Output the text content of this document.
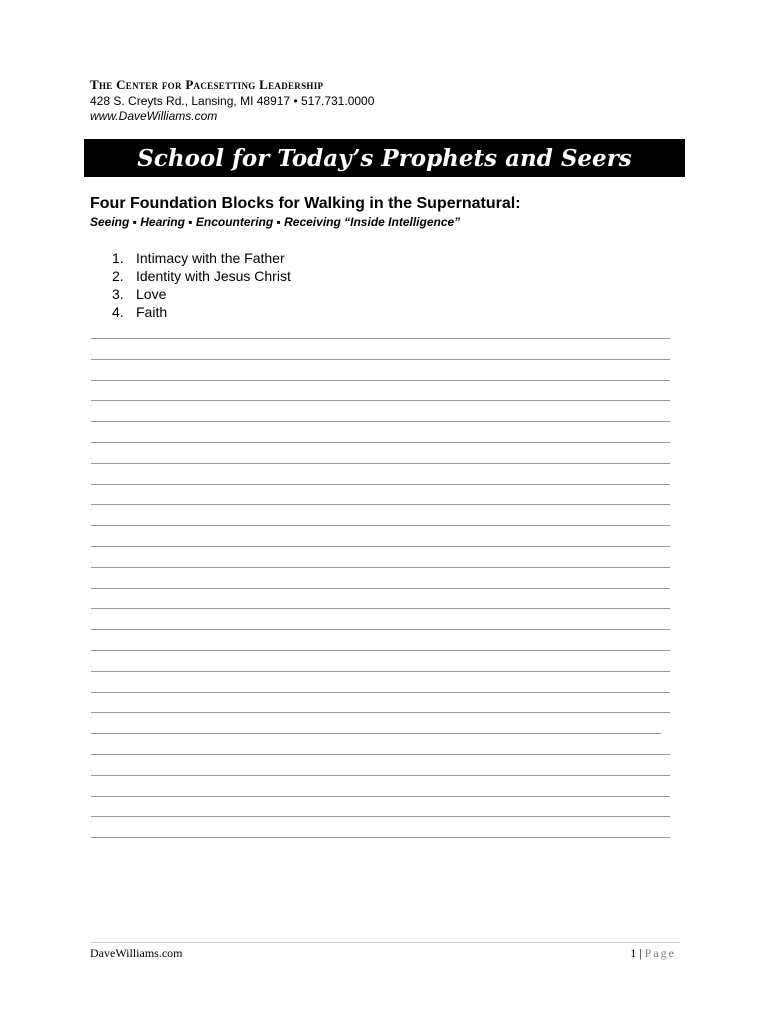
The Center for Pacesetting Leadership
428 S. Creyts Rd., Lansing, MI 48917 • 517.731.0000
www.DaveWilliams.com
School for Today’s Prophets and Seers
Four Foundation Blocks for Walking in the Supernatural:
Seeing ▪ Hearing ▪ Encountering ▪ Receiving “Inside Intelligence”
1. Intimacy with the Father
2. Identity with Jesus Christ
3. Love
4. Faith
DaveWilliams.com	1 | Page
